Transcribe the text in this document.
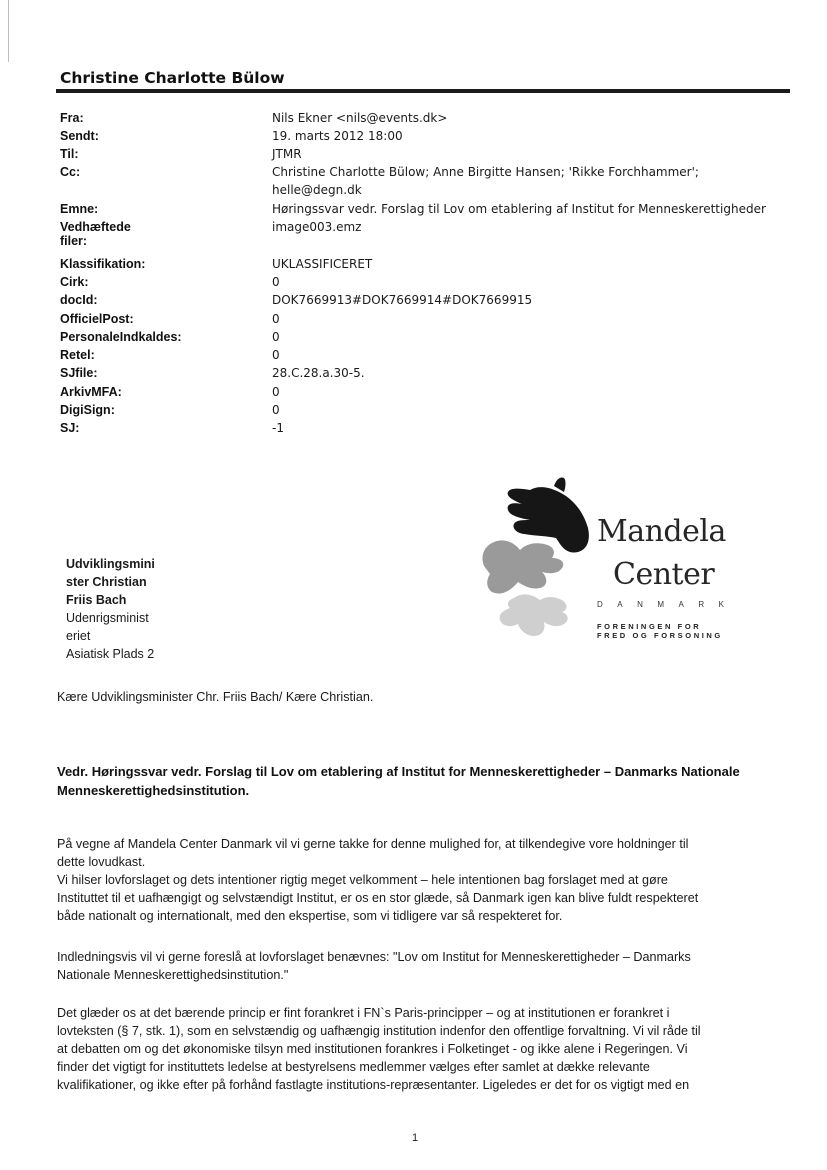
Christine Charlotte Bülow
Fra:	Nils Ekner <nils@events.dk>
Sendt:	19. marts 2012 18:00
Til:	JTMR
Cc:	Christine Charlotte Bülow; Anne Birgitte Hansen; 'Rikke Forchhammer';
helle@degn.dk
Emne:	Høringssvar vedr. Forslag til Lov om etablering af Institut for Menneskerettigheder
Vedhæftede filer:
image003.emz
Klassifikation:	UKLASSIFICERET
Cirk:	0
docId:	DOK7669913#DOK7669914#DOK7669915
OfficielPost:	0
PersonaleIndkaldes:	0
Retel:	0
SJfile:	28.C.28.a.30-5.
ArkivMFA:	0
DigiSign:	0
SJ:	-1
Mandela
Center
DANMARK
FORENINGEN FOR
FRED OG FORSONING
Udviklingsmini
ster Christian
Friis Bach
Udenrigsminist
eriet
Asiatisk Plads 2
Kære Udviklingsminister Chr. Friis Bach/ Kære Christian.
Vedr. Høringssvar vedr. Forslag til Lov om etablering af Institut for Menneskerettigheder – Danmarks Nationale
Menneskerettighedsinstitution.
På vegne af Mandela Center Danmark vil vi gerne takke for denne mulighed for, at tilkendegive vore holdninger til
dette lovudkast.
Vi hilser lovforslaget og dets intentioner rigtig meget velkomment – hele intentionen bag forslaget med at gøre
Instituttet til et uafhængigt og selvstændigt Institut, er os en stor glæde, så Danmark igen kan blive fuldt respekteret
både nationalt og internationalt, med den ekspertise, som vi tidligere var så respekteret for.
Indledningsvis vil vi gerne foreslå at lovforslaget benævnes: "Lov om Institut for Menneskerettigheder – Danmarks
Nationale Menneskerettighedsinstitution."
Det glæder os at det bærende princip er fint forankret i FN`s Paris-principper – og at institutionen er forankret i
lovteksten (§ 7, stk. 1), som en selvstændig og uafhængig institution indenfor den offentlige forvaltning. Vi vil råde til
at debatten om og det økonomiske tilsyn med institutionen forankres i Folketinget - og ikke alene i Regeringen. Vi
finder det vigtigt for instituttets ledelse at bestyrelsens medlemmer vælges efter samlet at dække relevante
kvalifikationer, og ikke efter på forhånd fastlagte institutions-repræsentanter. Ligeledes er det for os vigtigt med en
1
